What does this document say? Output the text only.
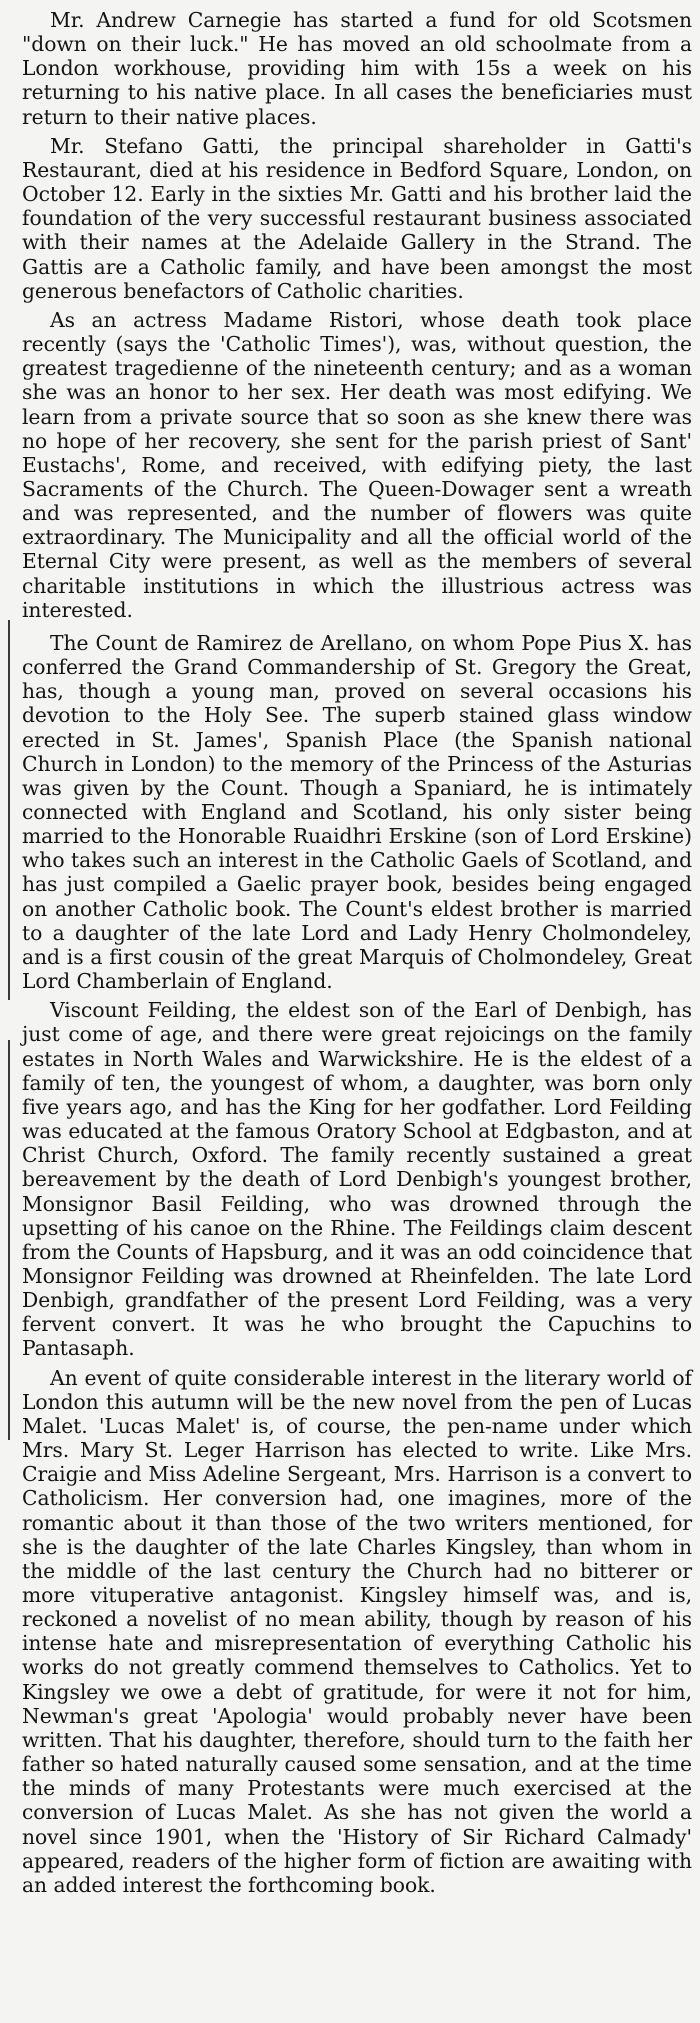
Mr. Andrew Carnegie has started a fund for old Scotsmen "down on their luck." He has moved an old schoolmate from a London workhouse, providing him with 15s a week on his returning to his native place. In all cases the beneficiaries must return to their native places.

Mr. Stefano Gatti, the principal shareholder in Gatti's Restaurant, died at his residence in Bedford Square, London, on October 12. Early in the sixties Mr. Gatti and his brother laid the foundation of the very successful restaurant business associated with their names at the Adelaide Gallery in the Strand. The Gattis are a Catholic family, and have been amongst the most generous benefactors of Catholic charities.

As an actress Madame Ristori, whose death took place recently (says the 'Catholic Times'), was, without question, the greatest tragedienne of the nineteenth century; and as a woman she was an honor to her sex. Her death was most edifying. We learn from a private source that so soon as she knew there was no hope of her recovery, she sent for the parish priest of Sant' Eustachs', Rome, and received, with edifying piety, the last Sacraments of the Church. The Queen-Dowager sent a wreath and was represented, and the number of flowers was quite extraordinary. The Municipality and all the official world of the Eternal City were present, as well as the members of several charitable institutions in which the illustrious actress was interested.

The Count de Ramirez de Arellano, on whom Pope Pius X. has conferred the Grand Commandership of St. Gregory the Great, has, though a young man, proved on several occasions his devotion to the Holy See. The superb stained glass window erected in St. James', Spanish Place (the Spanish national Church in London) to the memory of the Princess of the Asturias was given by the Count. Though a Spaniard, he is intimately connected with England and Scotland, his only sister being married to the Honorable Ruaidhri Erskine (son of Lord Erskine) who takes such an interest in the Catholic Gaels of Scotland, and has just compiled a Gaelic prayer book, besides being engaged on another Catholic book. The Count's eldest brother is married to a daughter of the late Lord and Lady Henry Cholmondeley, and is a first cousin of the great Marquis of Cholmondeley, Great Lord Chamberlain of England.

Viscount Feilding, the eldest son of the Earl of Denbigh, has just come of age, and there were great rejoicings on the family estates in North Wales and Warwickshire. He is the eldest of a family of ten, the youngest of whom, a daughter, was born only five years ago, and has the King for her godfather. Lord Feilding was educated at the famous Oratory School at Edgbaston, and at Christ Church, Oxford. The family recently sustained a great bereavement by the death of Lord Denbigh's youngest brother, Monsignor Basil Feilding, who was drowned through the upsetting of his canoe on the Rhine. The Feildings claim descent from the Counts of Hapsburg, and it was an odd coincidence that Monsignor Feilding was drowned at Rheinfelden. The late Lord Denbigh, grandfather of the present Lord Feilding, was a very fervent convert. It was he who brought the Capuchins to Pantasaph.

An event of quite considerable interest in the literary world of London this autumn will be the new novel from the pen of Lucas Malet. 'Lucas Malet' is, of course, the pen-name under which Mrs. Mary St. Leger Harrison has elected to write. Like Mrs. Craigie and Miss Adeline Sergeant, Mrs. Harrison is a convert to Catholicism. Her conversion had, one imagines, more of the romantic about it than those of the two writers mentioned, for she is the daughter of the late Charles Kingsley, than whom in the middle of the last century the Church had no bitterer or more vituperative antagonist. Kingsley himself was, and is, reckoned a novelist of no mean ability, though by reason of his intense hate and misrepresentation of everything Catholic his works do not greatly commend themselves to Catholics. Yet to Kingsley we owe a debt of gratitude, for were it not for him, Newman's great 'Apologia' would probably never have been written. That his daughter, therefore, should turn to the faith her father so hated naturally caused some sensation, and at the time the minds of many Protestants were much exercised at the conversion of Lucas Malet. As she has not given the world a novel since 1901, when the 'History of Sir Richard Calmady' appeared, readers of the higher form of fiction are awaiting with an added interest the forthcoming book.
